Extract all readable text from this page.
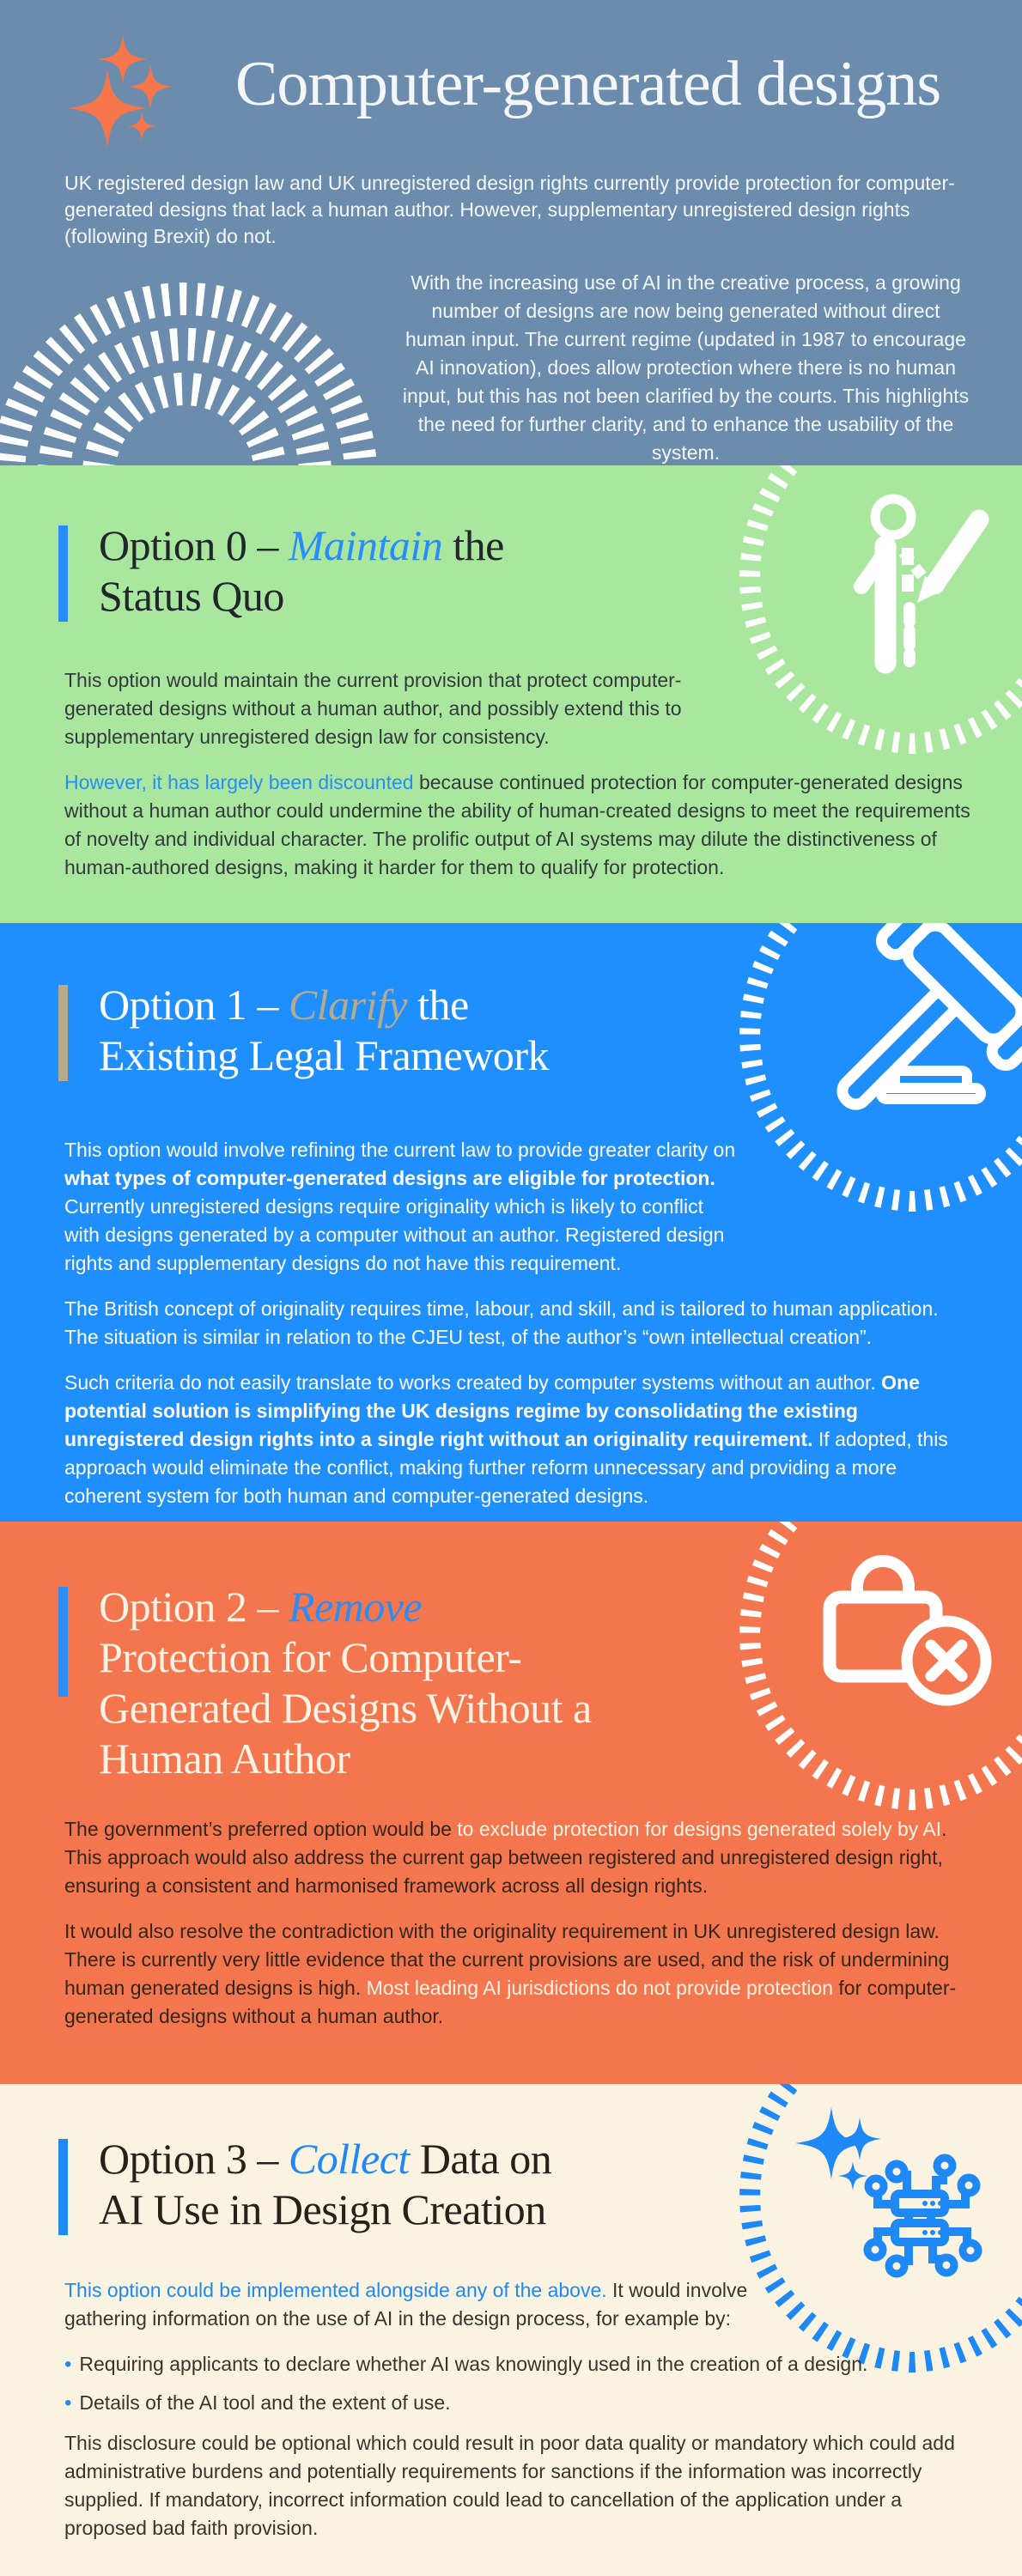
Computer-generated designs

UK registered design law and UK unregistered design rights currently provide protection for computer-generated designs that lack a human author. However, supplementary unregistered design rights (following Brexit) do not.

With the increasing use of AI in the creative process, a growing number of designs are now being generated without direct human input. The current regime (updated in 1987 to encourage AI innovation), does allow protection where there is no human input, but this has not been clarified by the courts. This highlights the need for further clarity, and to enhance the usability of the system.

Option 0 – Maintain the
Status Quo

This option would maintain the current provision that protect computer-generated designs without a human author, and possibly extend this to supplementary unregistered design law for consistency.

However, it has largely been discounted because continued protection for computer-generated designs without a human author could undermine the ability of human-created designs to meet the requirements of novelty and individual character. The prolific output of AI systems may dilute the distinctiveness of human-authored designs, making it harder for them to qualify for protection.

Option 1 – Clarify the
Existing Legal Framework

This option would involve refining the current law to provide greater clarity on what types of computer-generated designs are eligible for protection. Currently unregistered designs require originality which is likely to conflict with designs generated by a computer without an author. Registered design rights and supplementary designs do not have this requirement.

The British concept of originality requires time, labour, and skill, and is tailored to human application. The situation is similar in relation to the CJEU test, of the author’s “own intellectual creation”.

Such criteria do not easily translate to works created by computer systems without an author. One potential solution is simplifying the UK designs regime by consolidating the existing unregistered design rights into a single right without an originality requirement. If adopted, this approach would eliminate the conflict, making further reform unnecessary and providing a more coherent system for both human and computer-generated designs.

Option 2 – Remove
Protection for Computer-
Generated Designs Without a
Human Author

The government’s preferred option would be to exclude protection for designs generated solely by AI. This approach would also address the current gap between registered and unregistered design right, ensuring a consistent and harmonised framework across all design rights.

It would also resolve the contradiction with the originality requirement in UK unregistered design law. There is currently very little evidence that the current provisions are used, and the risk of undermining human generated designs is high. Most leading AI jurisdictions do not provide protection for computer-generated designs without a human author.

Option 3 – Collect Data on
AI Use in Design Creation

This option could be implemented alongside any of the above. It would involve gathering information on the use of AI in the design process, for example by:

• Requiring applicants to declare whether AI was knowingly used in the creation of a design.
• Details of the AI tool and the extent of use.

This disclosure could be optional which could result in poor data quality or mandatory which could add administrative burdens and potentially requirements for sanctions if the information was incorrectly supplied. If mandatory, incorrect information could lead to cancellation of the application under a proposed bad faith provision.
